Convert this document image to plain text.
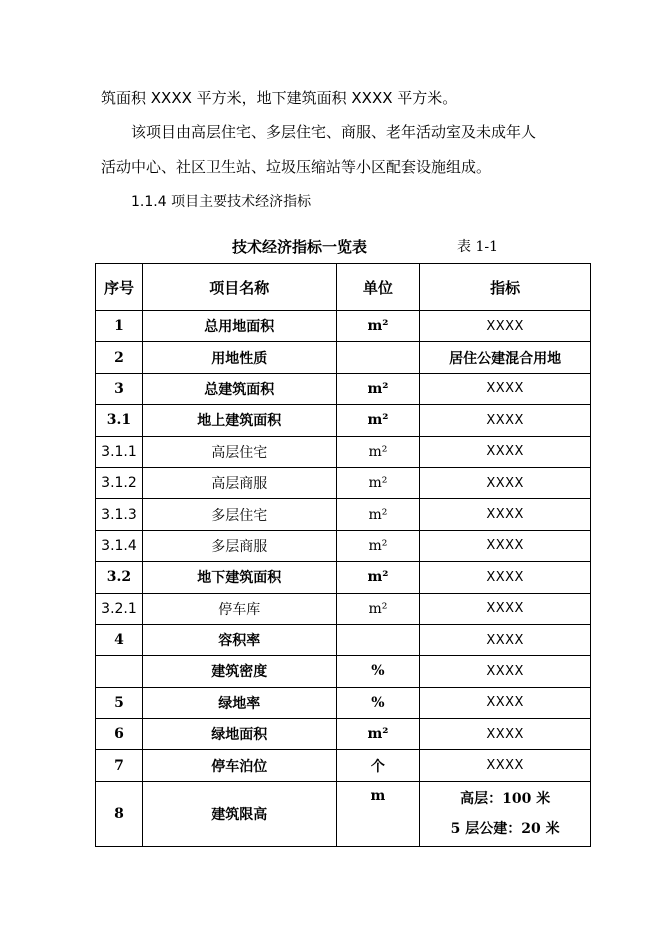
筑面积 XXXX 平方米，地下建筑面积 XXXX 平方米。
该项目由高层住宅、多层住宅、商服、老年活动室及未成年人
活动中心、社区卫生站、垃圾压缩站等小区配套设施组成。
1.1.4 项目主要技术经济指标
技术经济指标一览表	表 1-1
序号	项目名称	单位	指标
1	总用地面积	m²	XXXX
2	用地性质		居住公建混合用地
3	总建筑面积	m²	XXXX
3.1	地上建筑面积	m²	XXXX
3.1.1	高层住宅	m²	XXXX
3.1.2	高层商服	m²	XXXX
3.1.3	多层住宅	m²	XXXX
3.1.4	多层商服	m²	XXXX
3.2	地下建筑面积	m²	XXXX
3.2.1	停车库	m²	XXXX
4	容积率		XXXX
	建筑密度	%	XXXX
5	绿地率	%	XXXX
6	绿地面积	m²	XXXX
7	停车泊位	个	XXXX
8	建筑限高	m	高层：100 米
5 层公建：20 米
